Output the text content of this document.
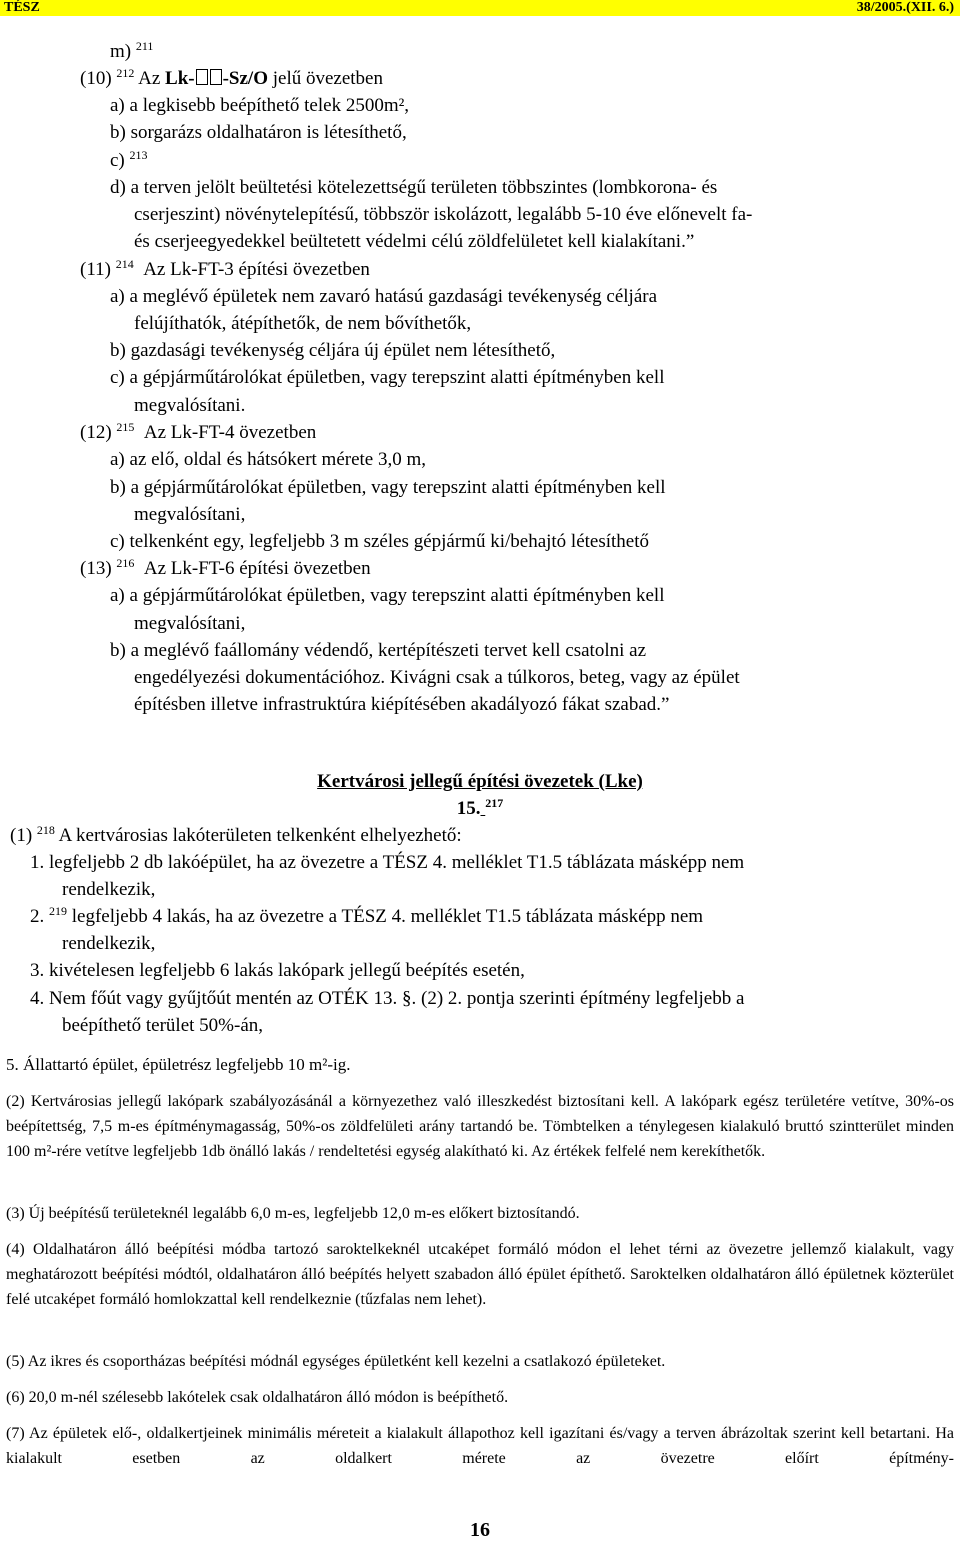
TÉSZ	38/2005.(XII. 6.)
m) $^{211}$
(10) $^{212}$ Az Lk- -Sz/O jelű övezetben
a) a legkisebb beépíthető telek 2500m²,
b) sorgarázs oldalhatáron is létesíthető,
c) $^{213}$
d) a terven jelölt beültetési kötelezettségű területen többszintes (lombkorona- és
cserjeszint) növénytelepítésű, többször iskolázott, legalább 5-10 éve előnevelt fa-
és cserjeegyedekkel beültetett védelmi célú zöldfelületet kell kialakítani.”
(11) $^{214}$ Az Lk-FT-3 építési övezetben
a) a meglévő épületek nem zavaró hatású gazdasági tevékenység céljára
felújíthatók, átépíthetők, de nem bővíthetők,
b) gazdasági tevékenység céljára új épület nem létesíthető,
c) a gépjárműtárolókat épületben, vagy terepszint alatti építményben kell
megvalósítani.
(12) $^{215}$ Az Lk-FT-4 övezetben
a) az elő, oldal és hátsókert mérete 3,0 m,
b) a gépjárműtárolókat épületben, vagy terepszint alatti építményben kell
megvalósítani,
c) telkenként egy, legfeljebb 3 m széles gépjármű ki/behajtó létesíthető
(13) $^{216}$ Az Lk-FT-6 építési övezetben
a) a gépjárműtárolókat épületben, vagy terepszint alatti építményben kell
megvalósítani,
b) a meglévő faállomány védendő, kertépítészeti tervet kell csatolni az
engedélyezési dokumentációhoz. Kivágni csak a túlkoros, beteg, vagy az épület
építésben illetve infrastruktúra kiépítésében akadályozó fákat szabad.”
Kertvárosi jellegű építési övezetek (Lke)
15. $^{217}$
(1) $^{218}$ A kertvárosias lakóterületen telkenként elhelyezhető:
1. legfeljebb 2 db lakóépület, ha az övezetre a TÉSZ 4. melléklet T1.5 táblázata másképp nem
rendelkezik,
2. $^{219}$ legfeljebb 4 lakás, ha az övezetre a TÉSZ 4. melléklet T1.5 táblázata másképp nem
rendelkezik,
3. kivételesen legfeljebb 6 lakás lakópark jellegű beépítés esetén,
4. Nem főút vagy gyűjtőút mentén az OTÉK 13. §. (2) 2. pontja szerinti építmény legfeljebb a
beépíthető terület 50%-án,
5. Állattartó épület, épületrész legfeljebb 10 m²-ig.
(2) Kertvárosias jellegű lakópark szabályozásánál a környezethez való illeszkedést biztosítani kell. A lakópark egész területére vetítve, 30%-os beépítettség, 7,5 m-es építménymagasság, 50%-os zöldfelületi arány tartandó be. Tömbtelken a ténylegesen kialakuló bruttó szintterület minden 100 m²-rére vetítve legfeljebb 1db önálló lakás / rendeltetési egység alakítható ki. Az értékek felfelé nem kerekíthetők.
(3) Új beépítésű területeknél legalább 6,0 m-es, legfeljebb 12,0 m-es előkert biztosítandó.
(4) Oldalhatáron álló beépítési módba tartozó saroktelkeknél utcaképet formáló módon el lehet térni az övezetre jellemző kialakult, vagy meghatározott beépítési módtól, oldalhatáron álló beépítés helyett szabadon álló épület építhető. Saroktelken oldalhatáron álló épületnek közterület felé utcaképet formáló homlokzattal kell rendelkeznie (tűzfalas nem lehet).
(5) Az ikres és csoportházas beépítési módnál egységes épületként kell kezelni a csatlakozó épületeket.
(6) 20,0 m-nél szélesebb lakótelek csak oldalhatáron álló módon is beépíthető.
(7) Az épületek elő-, oldalkertjeinek minimális méreteit a kialakult állapothoz kell igazítani és/vagy a terven ábrázoltak szerint kell betartani. Ha kialakult esetben az oldalkert mérete az övezetre előírt építmény-
16
